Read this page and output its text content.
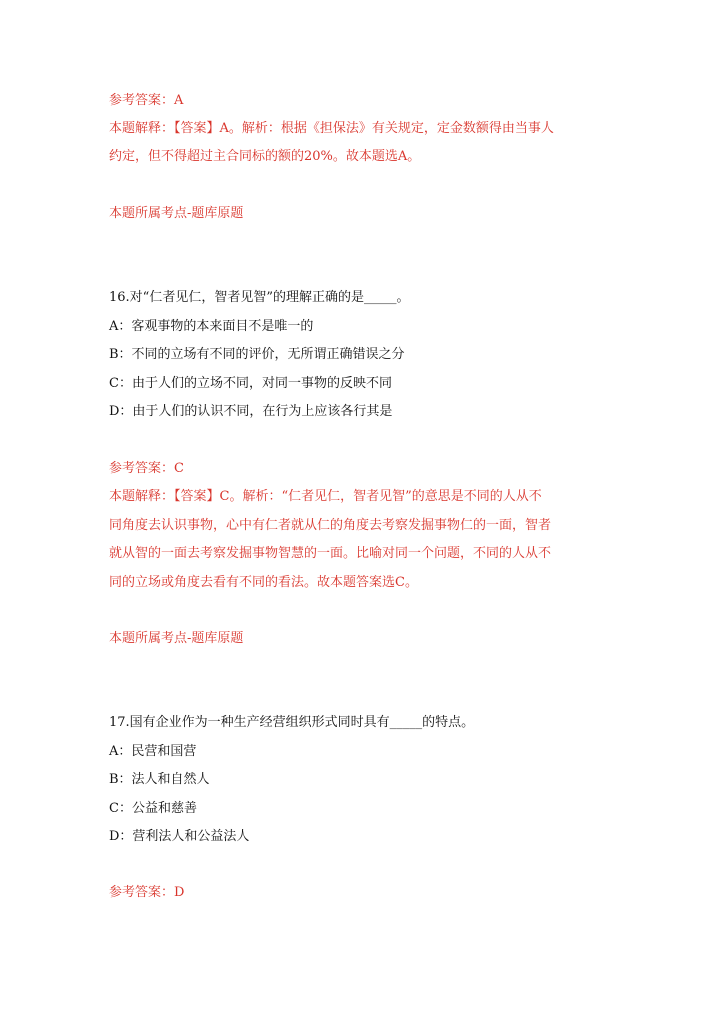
参考答案：A
本题解释：【答案】A。解析：根据《担保法》有关规定，定金数额得由当事人
约定，但不得超过主合同标的额的20%。故本题选A。
本题所属考点-题库原题
16.对“仁者见仁，智者见智”的理解正确的是_____。
A：客观事物的本来面目不是唯一的
B：不同的立场有不同的评价，无所谓正确错误之分
C：由于人们的立场不同，对同一事物的反映不同
D：由于人们的认识不同，在行为上应该各行其是
参考答案：C
本题解释：【答案】C。解析：“仁者见仁，智者见智”的意思是不同的人从不
同角度去认识事物，心中有仁者就从仁的角度去考察发掘事物仁的一面，智者
就从智的一面去考察发掘事物智慧的一面。比喻对同一个问题，不同的人从不
同的立场或角度去看有不同的看法。故本题答案选C。
本题所属考点-题库原题
17.国有企业作为一种生产经营组织形式同时具有_____的特点。
A：民营和国营
B：法人和自然人
C：公益和慈善
D：营利法人和公益法人
参考答案：D
